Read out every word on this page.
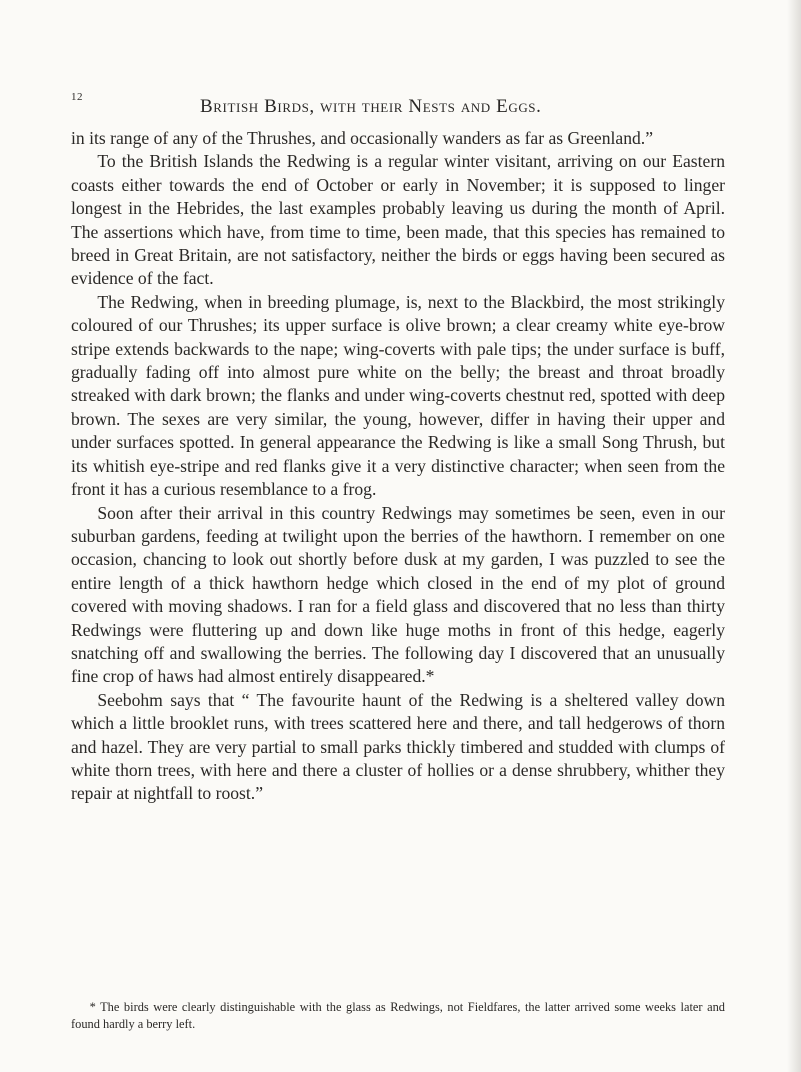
12	British Birds, with their Nests and Eggs.

in its range of any of the Thrushes, and occasionally wanders as far as Greenland.”

To the British Islands the Redwing is a regular winter visitant, arriving on our Eastern coasts either towards the end of October or early in November; it is supposed to linger longest in the Hebrides, the last examples probably leaving us during the month of April. The assertions which have, from time to time, been made, that this species has remained to breed in Great Britain, are not satisfactory, neither the birds or eggs having been secured as evidence of the fact.

The Redwing, when in breeding plumage, is, next to the Blackbird, the most strikingly coloured of our Thrushes; its upper surface is olive brown; a clear creamy white eye-brow stripe extends backwards to the nape; wing-coverts with pale tips; the under surface is buff, gradually fading off into almost pure white on the belly; the breast and throat broadly streaked with dark brown; the flanks and under wing-coverts chestnut red, spotted with deep brown. The sexes are very similar, the young, however, differ in having their upper and under surfaces spotted. In general appearance the Redwing is like a small Song Thrush, but its whitish eye-stripe and red flanks give it a very distinctive character; when seen from the front it has a curious resemblance to a frog.

Soon after their arrival in this country Redwings may sometimes be seen, even in our suburban gardens, feeding at twilight upon the berries of the hawthorn. I remember on one occasion, chancing to look out shortly before dusk at my garden, I was puzzled to see the entire length of a thick hawthorn hedge which closed in the end of my plot of ground covered with moving shadows. I ran for a field glass and discovered that no less than thirty Redwings were fluttering up and down like huge moths in front of this hedge, eagerly snatching off and swallowing the berries. The following day I discovered that an unusually fine crop of haws had almost entirely disappeared.*

Seebohm says that “ The favourite haunt of the Redwing is a sheltered valley down which a little brooklet runs, with trees scattered here and there, and tall hedgerows of thorn and hazel. They are very partial to small parks thickly timbered and studded with clumps of white thorn trees, with here and there a cluster of hollies or a dense shrubbery, whither they repair at nightfall to roost.”

* The birds were clearly distinguishable with the glass as Redwings, not Fieldfares, the latter arrived some weeks later and found hardly a berry left.
